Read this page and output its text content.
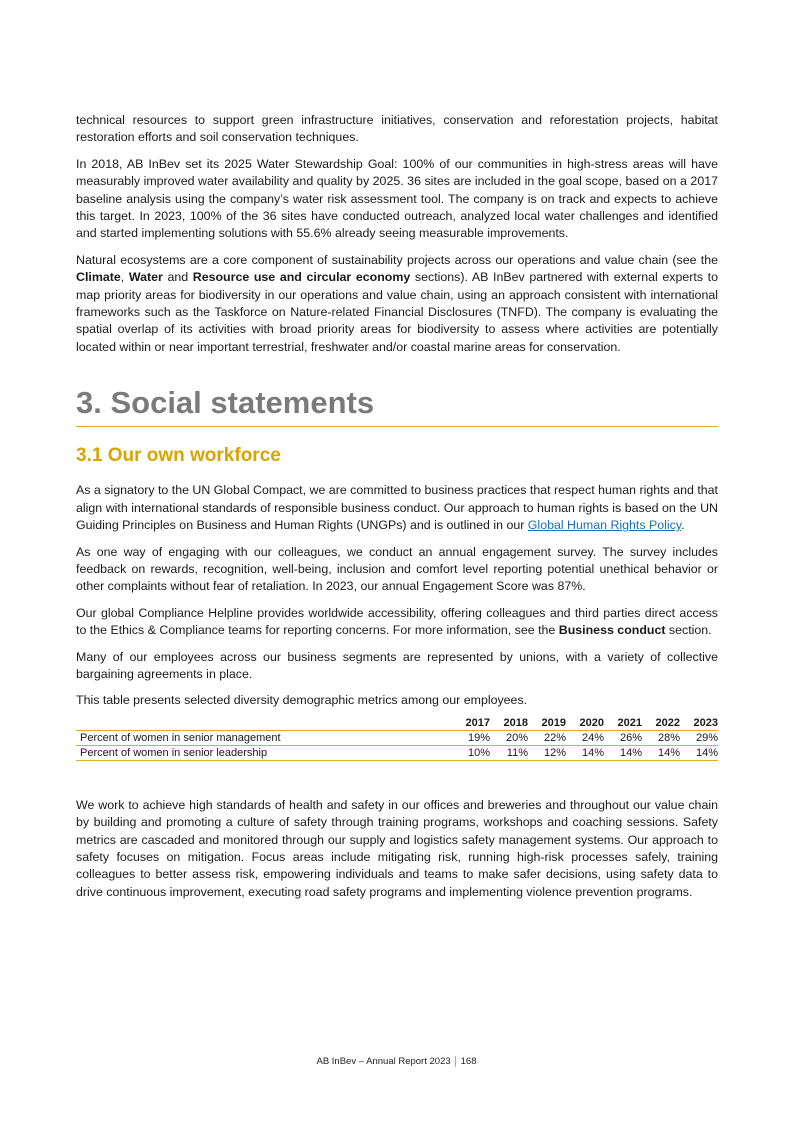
technical resources to support green infrastructure initiatives, conservation and reforestation projects, habitat restoration efforts and soil conservation techniques.

In 2018, AB InBev set its 2025 Water Stewardship Goal: 100% of our communities in high-stress areas will have measurably improved water availability and quality by 2025. 36 sites are included in the goal scope, based on a 2017 baseline analysis using the company’s water risk assessment tool. The company is on track and expects to achieve this target. In 2023, 100% of the 36 sites have conducted outreach, analyzed local water challenges and identified and started implementing solutions with 55.6% already seeing measurable improvements.

Natural ecosystems are a core component of sustainability projects across our operations and value chain (see the Climate, Water and Resource use and circular economy sections). AB InBev partnered with external experts to map priority areas for biodiversity in our operations and value chain, using an approach consistent with international frameworks such as the Taskforce on Nature-related Financial Disclosures (TNFD). The company is evaluating the spatial overlap of its activities with broad priority areas for biodiversity to assess where activities are potentially located within or near important terrestrial, freshwater and/or coastal marine areas for conservation.

3. Social statements
3.1 Our own workforce

As a signatory to the UN Global Compact, we are committed to business practices that respect human rights and that align with international standards of responsible business conduct. Our approach to human rights is based on the UN Guiding Principles on Business and Human Rights (UNGPs) and is outlined in our Global Human Rights Policy.

As one way of engaging with our colleagues, we conduct an annual engagement survey. The survey includes feedback on rewards, recognition, well-being, inclusion and comfort level reporting potential unethical behavior or other complaints without fear of retaliation. In 2023, our annual Engagement Score was 87%.

Our global Compliance Helpline provides worldwide accessibility, offering colleagues and third parties direct access to the Ethics & Compliance teams for reporting concerns. For more information, see the Business conduct section.

Many of our employees across our business segments are represented by unions, with a variety of collective bargaining agreements in place.

This table presents selected diversity demographic metrics among our employees.

	2017	2018	2019	2020	2021	2022	2023
Percent of women in senior management	19%	20%	22%	24%	26%	28%	29%
Percent of women in senior leadership	10%	11%	12%	14%	14%	14%	14%

We work to achieve high standards of health and safety in our offices and breweries and throughout our value chain by building and promoting a culture of safety through training programs, workshops and coaching sessions. Safety metrics are cascaded and monitored through our supply and logistics safety management systems. Our approach to safety focuses on mitigation. Focus areas include mitigating risk, running high-risk processes safely, training colleagues to better assess risk, empowering individuals and teams to make safer decisions, using safety data to drive continuous improvement, executing road safety programs and implementing violence prevention programs.

AB InBev – Annual Report 2023 168
